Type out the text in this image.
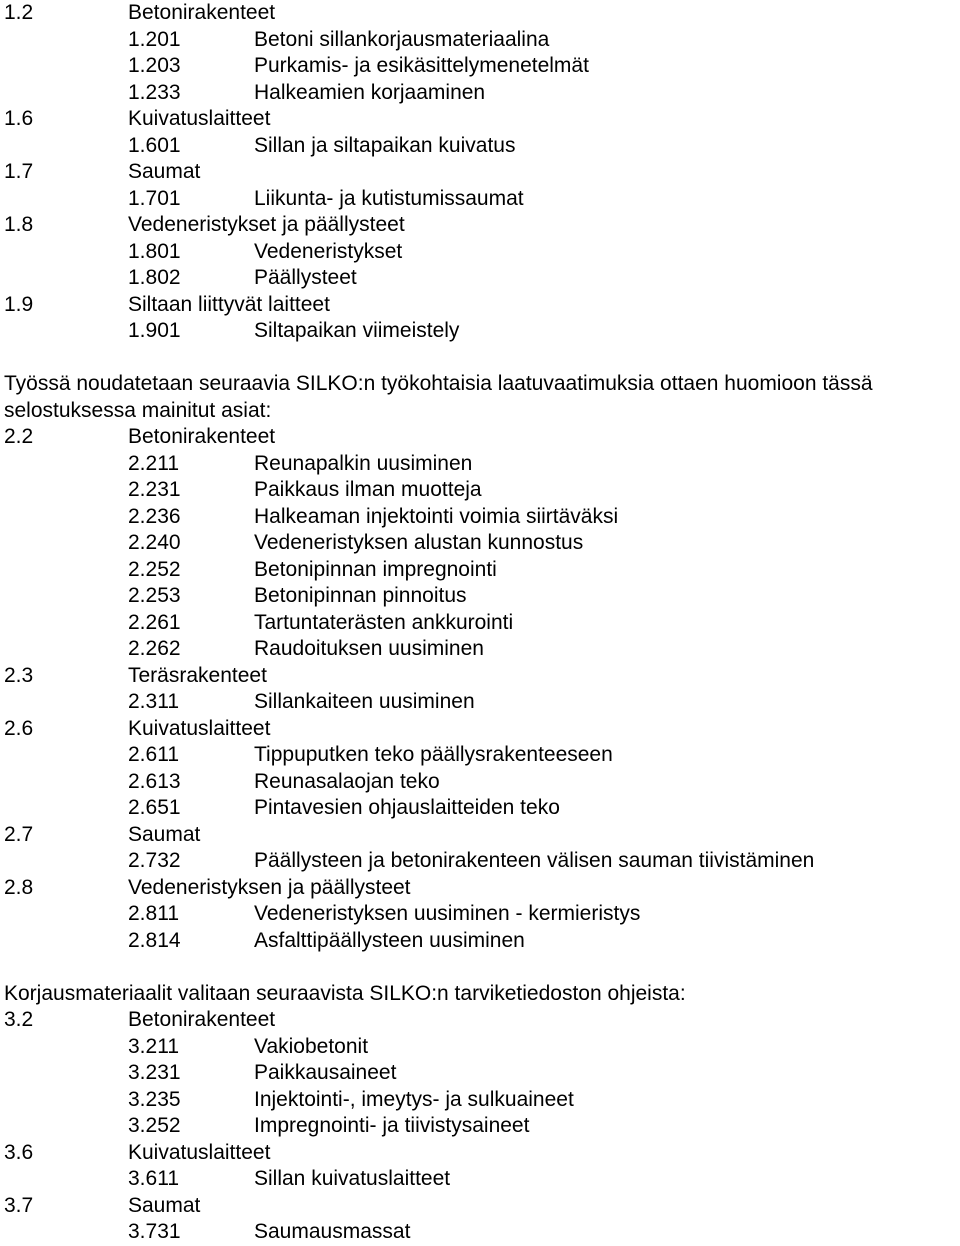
1.2	Betonirakenteet
1.201	Betoni sillankorjausmateriaalina
1.203	Purkamis- ja esikäsittelymenetelmät
1.233	Halkeamien korjaaminen
1.6	Kuivatuslaitteet
1.601	Sillan ja siltapaikan kuivatus
1.7	Saumat
1.701	Liikunta- ja kutistumissaumat
1.8	Vedeneristykset ja päällysteet
1.801	Vedeneristykset
1.802	Päällysteet
1.9	Siltaan liittyvät laitteet
1.901	Siltapaikan viimeistely
Työssä noudatetaan seuraavia SILKO:n työkohtaisia laatuvaatimuksia ottaen huomioon tässä selostuksessa mainitut asiat:
2.2	Betonirakenteet
2.211	Reunapalkin uusiminen
2.231	Paikkaus ilman muotteja
2.236	Halkeaman injektointi voimia siirtäväksi
2.240	Vedeneristyksen alustan kunnostus
2.252	Betonipinnan impregnointi
2.253	Betonipinnan pinnoitus
2.261	Tartuntaterästen ankkurointi
2.262	Raudoituksen uusiminen
2.3	Teräsrakenteet
2.311	Sillankaiteen uusiminen
2.6	Kuivatuslaitteet
2.611	Tippuputken teko päällysrakenteeseen
2.613	Reunasalaojan teko
2.651	Pintavesien ohjauslaitteiden teko
2.7	Saumat
2.732	Päällysteen ja betonirakenteen välisen sauman tiivistäminen
2.8	Vedeneristyksen ja päällysteet
2.811	Vedeneristyksen uusiminen - kermieristys
2.814	Asfalttipäällysteen uusiminen
Korjausmateriaalit valitaan seuraavista SILKO:n tarviketiedoston ohjeista:
3.2	Betonirakenteet
3.211	Vakiobetonit
3.231	Paikkausaineet
3.235	Injektointi-, imeytys- ja sulkuaineet
3.252	Impregnointi- ja tiivistysaineet
3.6	Kuivatuslaitteet
3.611	Sillan kuivatuslaitteet
3.7	Saumat
3.731	Saumausmassat
